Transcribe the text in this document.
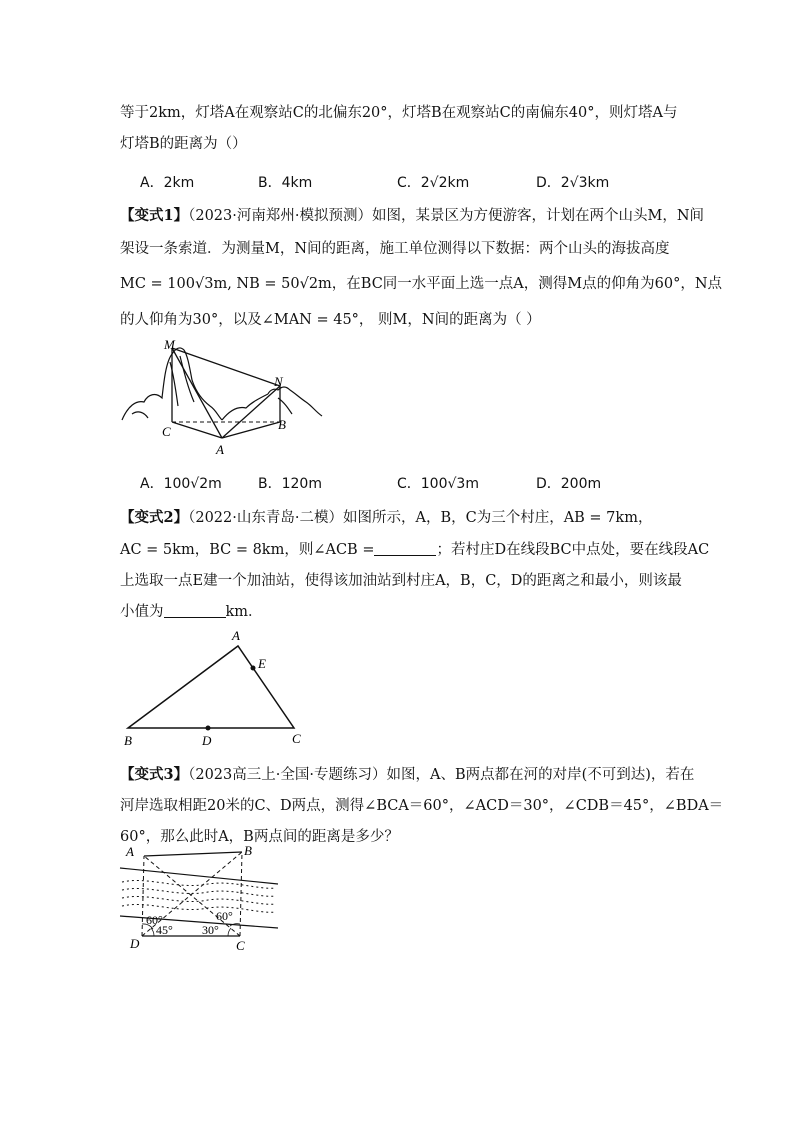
等于2km，灯塔A在观察站C的北偏东20°，灯塔B在观察站C的南偏东40°，则灯塔A与
灯塔B的距离为（）
A．2km	B．4km	C．2√2km	D．2√3km
【变式1】（2023·河南郑州·模拟预测）如图，某景区为方便游客，计划在两个山头M，N间
架设一条索道．为测量M，N间的距离，施工单位测得以下数据：两个山头的海拔高度
MC = 100√3m, NB = 50√2m，在BC同一水平面上选一点A，测得M点的仰角为60°，N点
的人仰角为30°，以及∠MAN = 45°， 则M，N间的距离为（ ）
M
N
C	B
A
A．100√2m	B．120m	C．100√3m	D．200m
【变式2】（2022·山东青岛·二模）如图所示，A，B，C为三个村庄，AB = 7km，
AC = 5km，BC = 8km，则∠ACB =	；若村庄D在线段BC中点处，要在线段AC
上选取一点E建一个加油站，使得该加油站到村庄A，B，C，D的距离之和最小，则该最
小值为	km．
A
E
B	D	C
【变式3】（2023高三上·全国·专题练习）如图，A、B两点都在河的对岸(不可到达)，若在
河岸选取相距20米的C、D两点，测得∠BCA＝60°，∠ACD＝30°，∠CDB＝45°，∠BDA＝
60°，那么此时A，B两点间的距离是多少？
A	B
D	C
60°
45° 30°
60°
